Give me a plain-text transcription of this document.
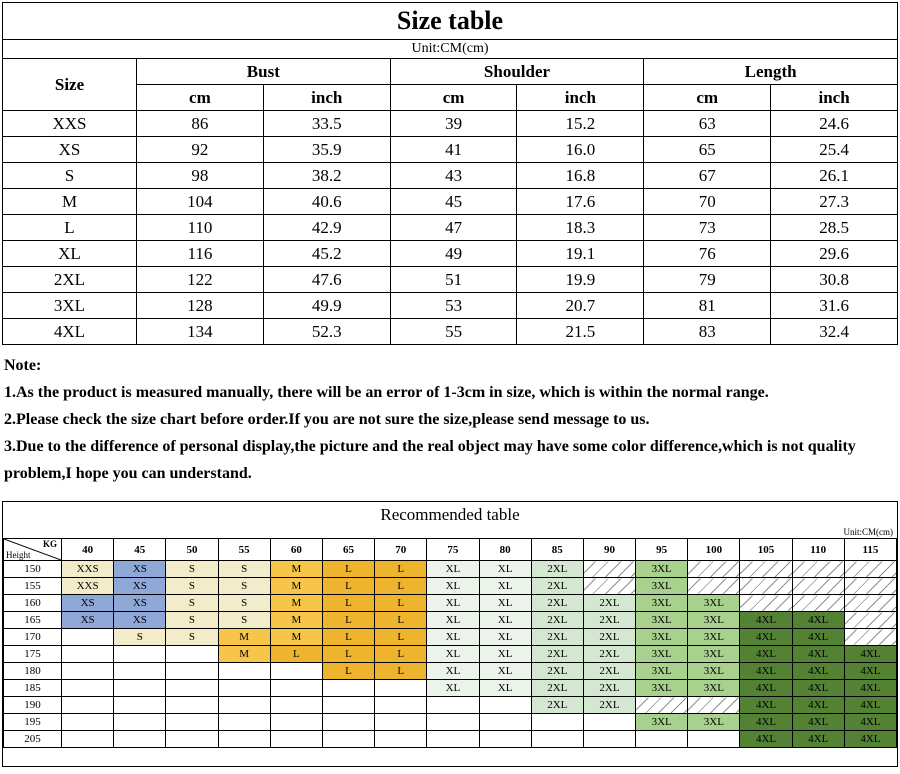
Size table						
Unit:CM(cm)						
Size	Bust		Shoulder		Length	
	cm	inch	cm	inch	cm	inch
XXS	86	33.5	39	15.2	63	24.6
XS	92	35.9	41	16.0	65	25.4
S	98	38.2	43	16.8	67	26.1
M	104	40.6	45	17.6	70	27.3
L	110	42.9	47	18.3	73	28.5
XL	116	45.2	49	19.1	76	29.6
2XL	122	47.6	51	19.9	79	30.8
3XL	128	49.9	53	20.7	81	31.6
4XL	134	52.3	55	21.5	83	32.4
Note:
1.As the product is measured manually, there will be an error of 1-3cm in size, which is within the normal range.
2.Please check the size chart before order.If you are not sure the size,please send message to us.
3.Due to the difference of personal display,the picture and the real object may have some color difference,which is not quality problem,I hope you can understand.
Recommended table
Unit:CM(cm)
KG
Height	40	45	50	55	60	65	70	75	80	85	90	95	100	105	110	115
150	XXS	XS	S	S	M	L	L	XL	XL	2XL		3XL				
155	XXS	XS	S	S	M	L	L	XL	XL	2XL		3XL				
160	XS	XS	S	S	M	L	L	XL	XL	2XL	2XL	3XL	3XL			
165	XS	XS	S	S	M	L	L	XL	XL	2XL	2XL	3XL	3XL	4XL	4XL	
170		S	S	M	M	L	L	XL	XL	2XL	2XL	3XL	3XL	4XL	4XL	
175				M	L	L	L	XL	XL	2XL	2XL	3XL	3XL	4XL	4XL	4XL
180						L	L	XL	XL	2XL	2XL	3XL	3XL	4XL	4XL	4XL
185								XL	XL	2XL	2XL	3XL	3XL	4XL	4XL	4XL
190										2XL	2XL			4XL	4XL	4XL
195												3XL	3XL	4XL	4XL	4XL
205														4XL	4XL	4XL
